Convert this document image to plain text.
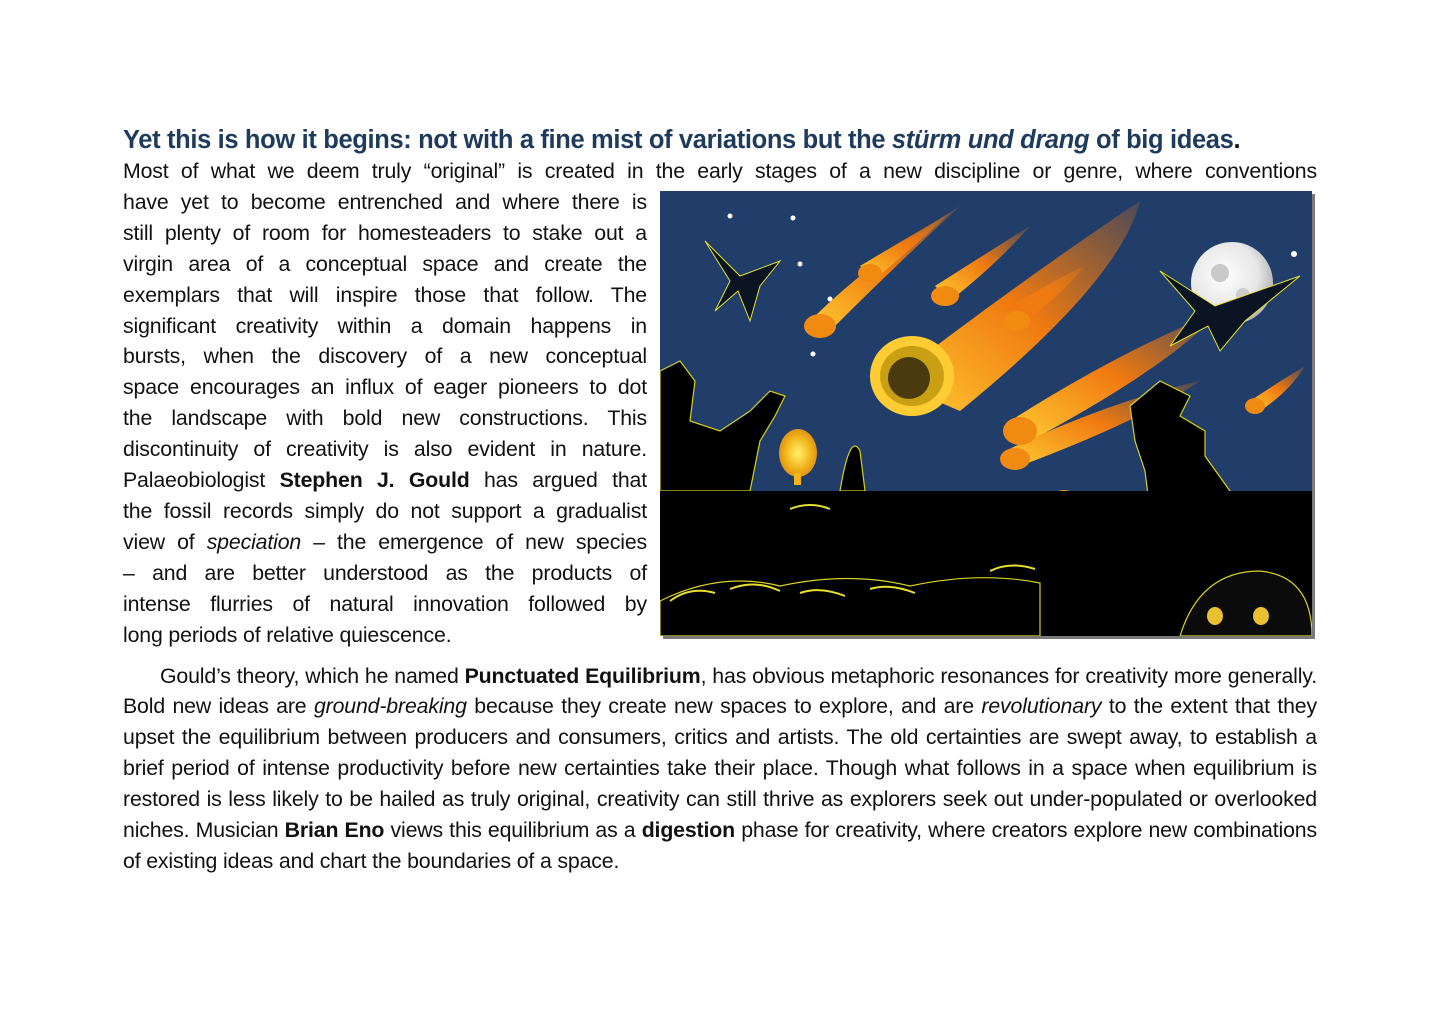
Yet this is how it begins: not with a fine mist of variations but the stürm und drang of big ideas.

Most of what we deem truly “original” is created in the early stages of a new discipline or genre, where conventions

have yet to become entrenched and where there is
still plenty of room for homesteaders to stake out a
virgin area of a conceptual space and create the
exemplars that will inspire those that follow. The
significant creativity within a domain happens in
bursts, when the discovery of a new conceptual
space encourages an influx of eager pioneers to dot
the landscape with bold new constructions. This
discontinuity of creativity is also evident in nature.
Palaeobiologist Stephen J. Gould has argued that
the fossil records simply do not support a gradualist
view of speciation – the emergence of new species
– and are better understood as the products of
intense flurries of natural innovation followed by
long periods of relative quiescence.

Gould’s theory, which he named Punctuated Equilibrium, has obvious metaphoric resonances for creativity more generally. Bold new ideas are ground-breaking because they create new spaces to explore, and are revolutionary to the extent that they upset the equilibrium between producers and consumers, critics and artists. The old certainties are swept away, to establish a brief period of intense productivity before new certainties take their place. Though what follows in a space when equilibrium is restored is less likely to be hailed as truly original, creativity can still thrive as explorers seek out under-populated or overlooked niches. Musician Brian Eno views this equilibrium as a digestion phase for creativity, where creators explore new combinations of existing ideas and chart the boundaries of a space.
